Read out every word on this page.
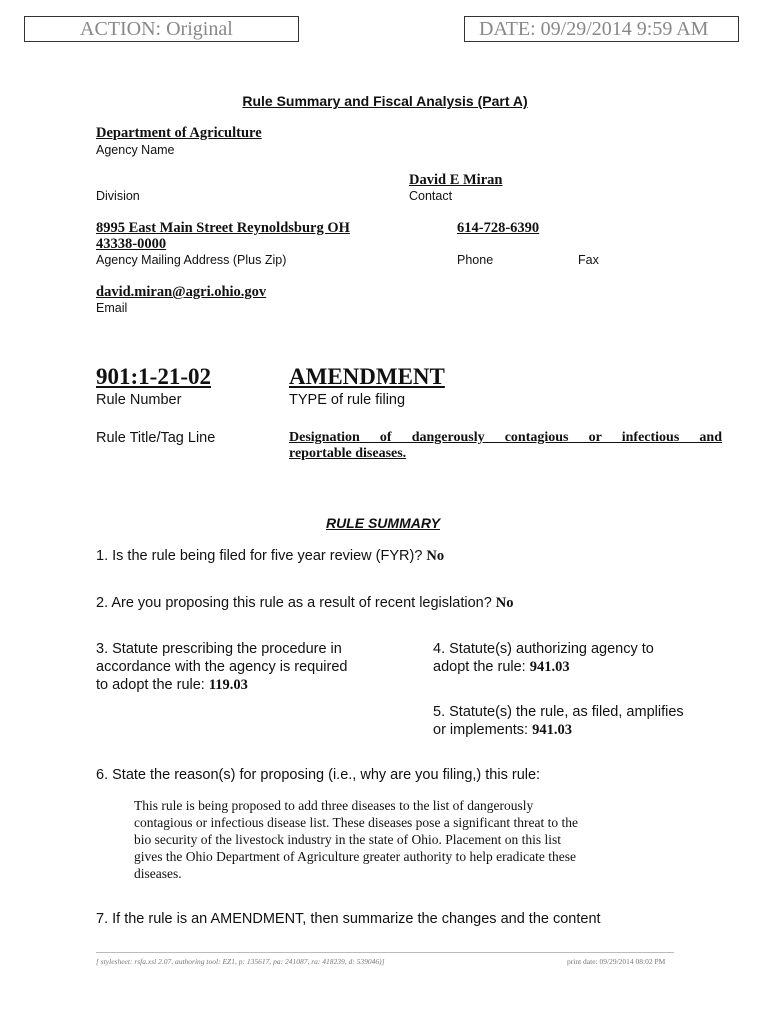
ACTION: Original	DATE: 09/29/2014 9:59 AM
Rule Summary and Fiscal Analysis (Part A)
Department of Agriculture
Agency Name
David E Miran
Division	Contact
8995 East Main Street Reynoldsburg OH
43338-0000
614-728-6390
Agency Mailing Address (Plus Zip)	Phone	Fax
david.miran@agri.ohio.gov
Email
901:1-21-02	AMENDMENT
Rule Number	TYPE of rule filing
Rule Title/Tag Line	Designation of dangerously contagious or infectious and
reportable diseases.
RULE SUMMARY
1. Is the rule being filed for five year review (FYR)? No
2. Are you proposing this rule as a result of recent legislation? No
3. Statute prescribing the procedure in
accordance with the agency is required
to adopt the rule: 119.03
4. Statute(s) authorizing agency to
adopt the rule: 941.03
5. Statute(s) the rule, as filed, amplifies
or implements: 941.03
6. State the reason(s) for proposing (i.e., why are you filing,) this rule:
This rule is being proposed to add three diseases to the list of dangerously
contagious or infectious disease list. These diseases pose a significant threat to the
bio security of the livestock industry in the state of Ohio. Placement on this list
gives the Ohio Department of Agriculture greater authority to help eradicate these
diseases.
7. If the rule is an AMENDMENT, then summarize the changes and the content
[ stylesheet: rsfa.xsl 2.07, authoring tool: EZ1, p: 135617, pa: 241087, ra: 418239, d: 539046)]	print date: 09/29/2014 08:02 PM
